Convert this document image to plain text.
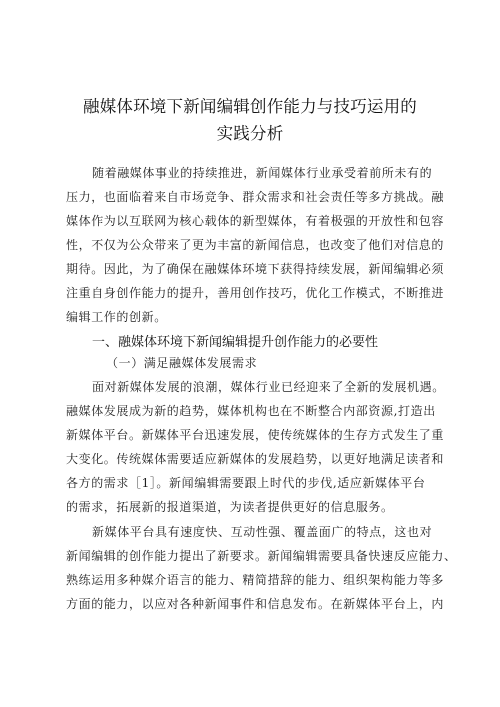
融媒体环境下新闻编辑创作能力与技巧运用的
实践分析
随着融媒体事业的持续推进，新闻媒体行业承受着前所未有的
压力，也面临着来自市场竞争、群众需求和社会责任等多方挑战。融
媒体作为以互联网为核心载体的新型媒体，有着极强的开放性和包容
性，不仅为公众带来了更为丰富的新闻信息，也改变了他们对信息的
期待。因此，为了确保在融媒体环境下获得持续发展，新闻编辑必须
注重自身创作能力的提升，善用创作技巧，优化工作模式，不断推进
编辑工作的创新。
一、融媒体环境下新闻编辑提升创作能力的必要性
（一）满足融媒体发展需求
面对新媒体发展的浪潮，媒体行业已经迎来了全新的发展机遇。
融媒体发展成为新的趋势，媒体机构也在不断整合内部资源,打造出
新媒体平台。新媒体平台迅速发展，使传统媒体的生存方式发生了重
大变化。传统媒体需要适应新媒体的发展趋势，以更好地满足读者和
各方的需求［1］。新闻编辑需要跟上时代的步伐,适应新媒体平台
的需求，拓展新的报道渠道，为读者提供更好的信息服务。
新媒体平台具有速度快、互动性强、覆盖面广的特点，这也对
新闻编辑的创作能力提出了新要求。新闻编辑需要具备快速反应能力、
熟练运用多种媒介语言的能力、精简措辞的能力、组织架构能力等多
方面的能力，以应对各种新闻事件和信息发布。在新媒体平台上，内
